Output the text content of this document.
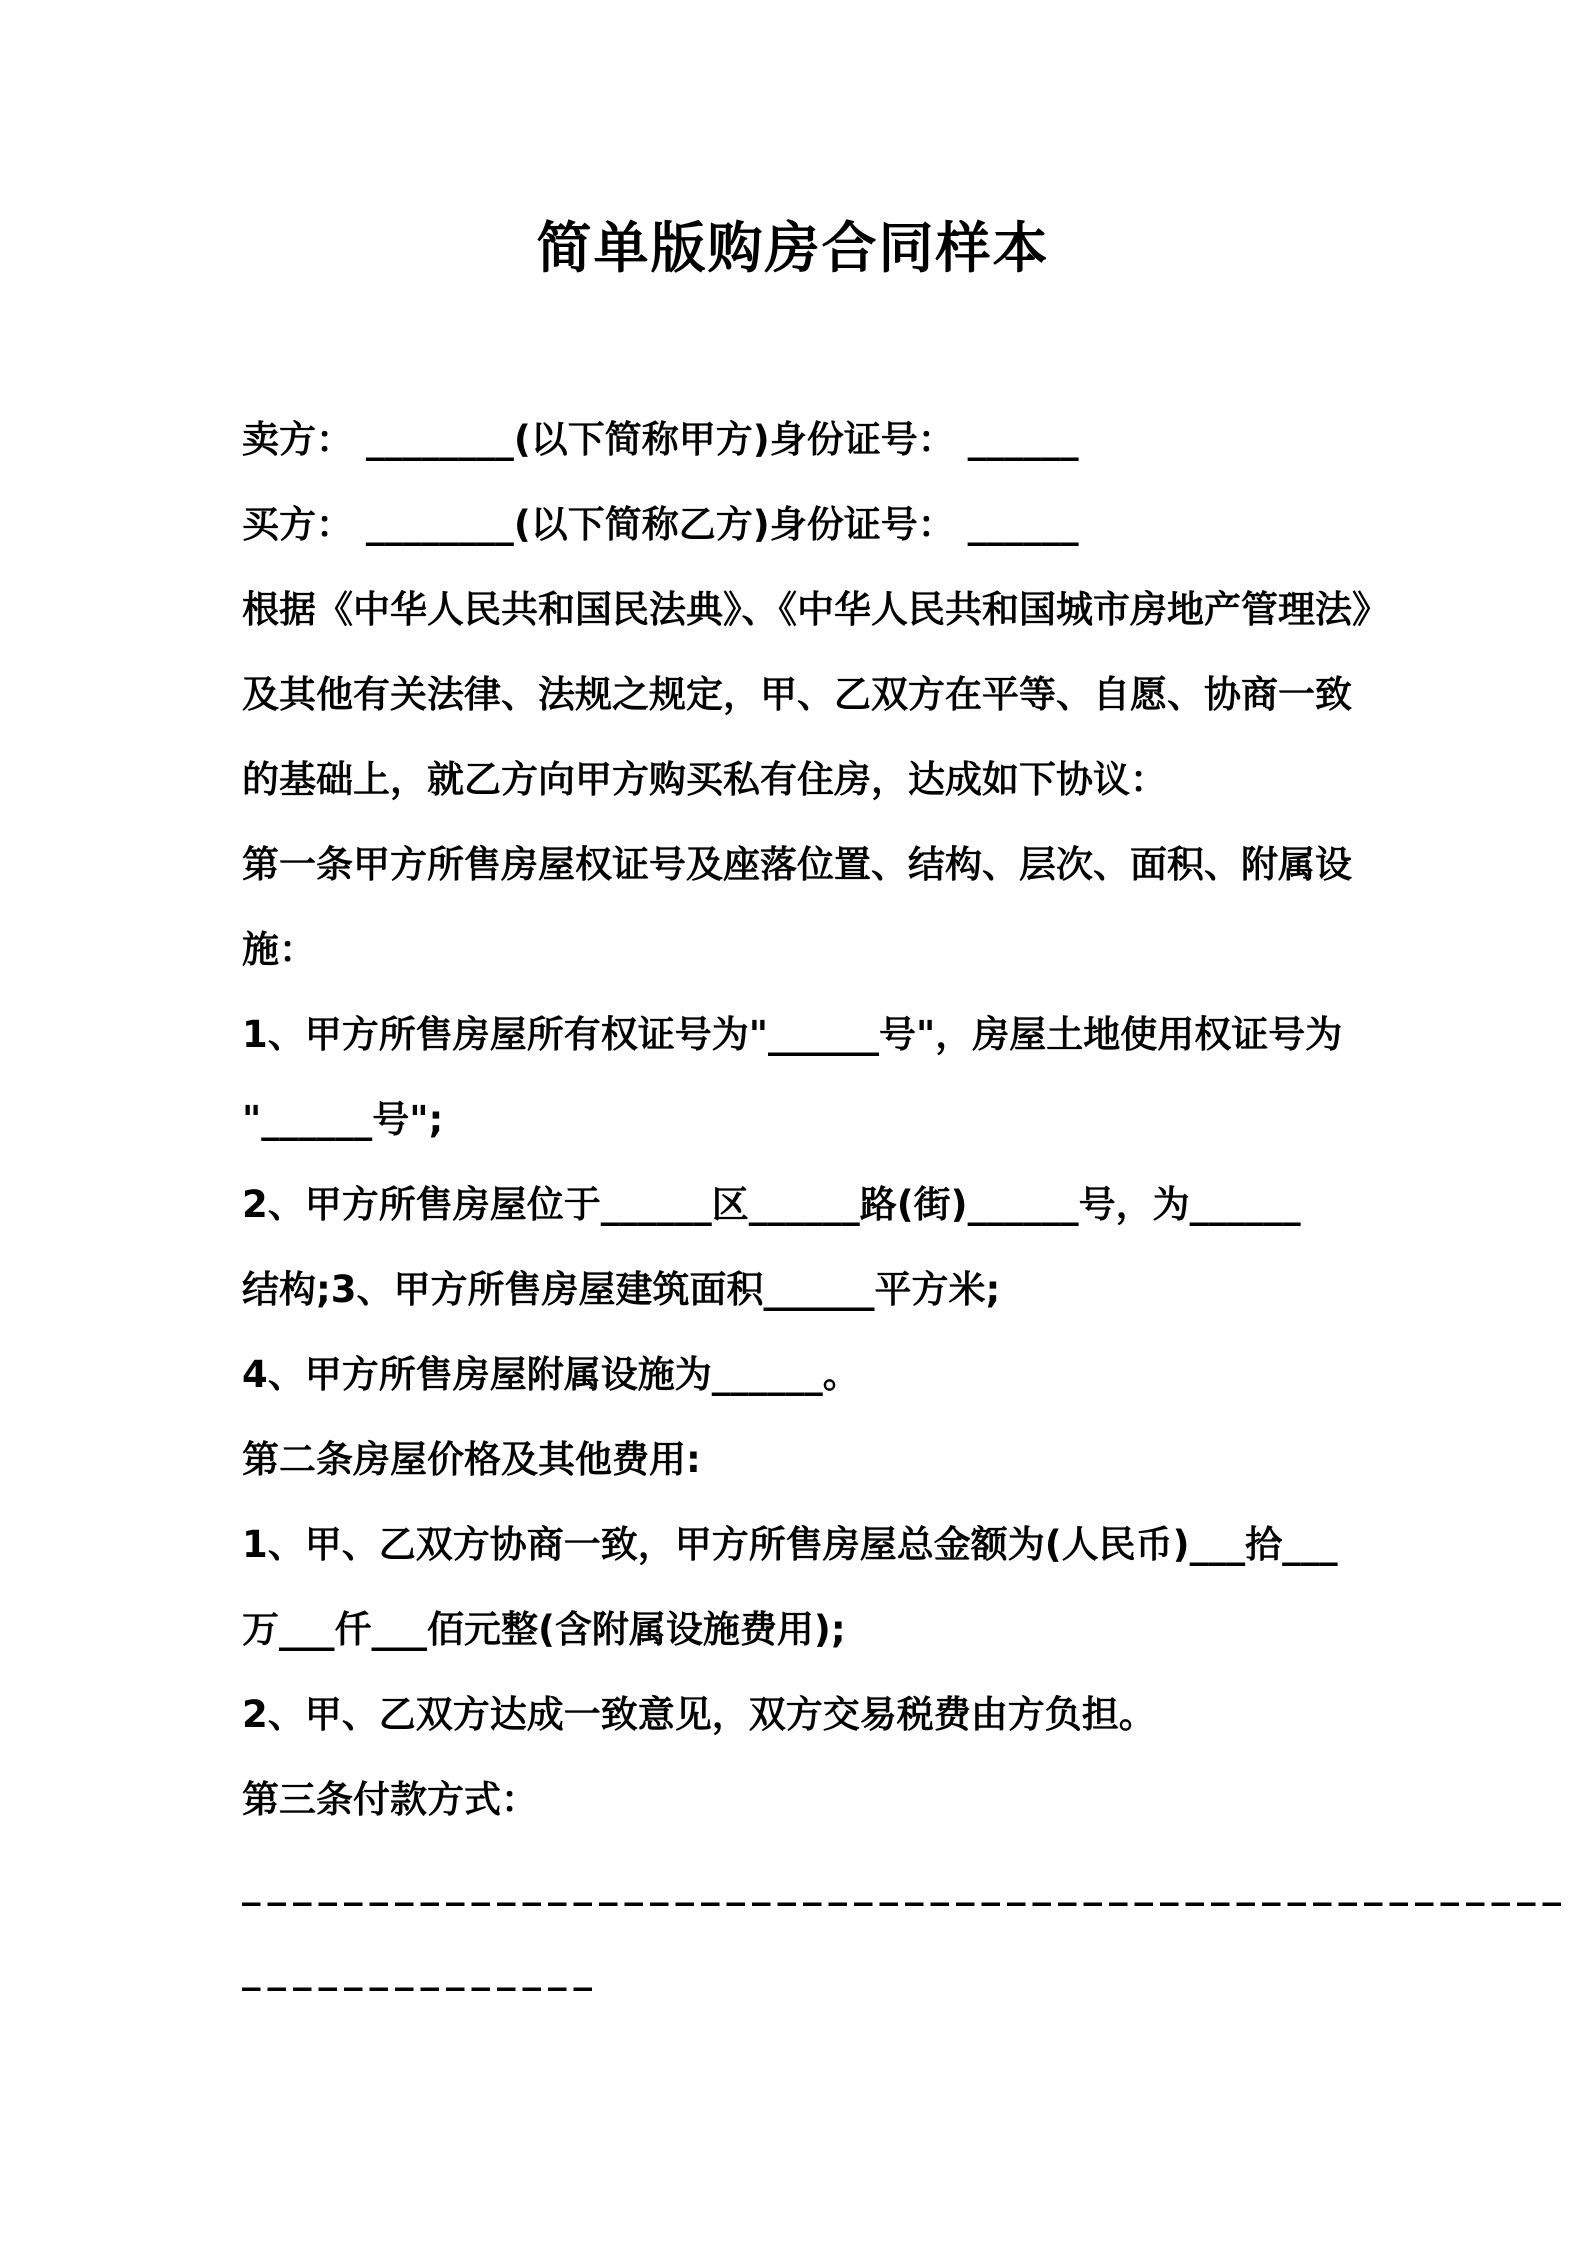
简单版购房合同样本
卖方： ________(以下简称甲方)身份证号： ______
买方： ________(以下简称乙方)身份证号： ______
根据《中华人民共和国民法典》、《中华人民共和国城市房地产管理法》
及其他有关法律、法规之规定，甲、乙双方在平等、自愿、协商一致
的基础上，就乙方向甲方购买私有住房，达成如下协议：
第一条甲方所售房屋权证号及座落位置、结构、层次、面积、附属设
施：
1、甲方所售房屋所有权证号为"______号"，房屋土地使用权证号为
"______号";
2、甲方所售房屋位于______区______路(街)______号，为______
结构;3、甲方所售房屋建筑面积______平方米;
4、甲方所售房屋附属设施为______。
第二条房屋价格及其他费用:
1、甲、乙双方协商一致，甲方所售房屋总金额为(人民币)___拾___
万___仟___佰元整(含附属设施费用);
2、甲、乙双方达成一致意见，双方交易税费由方负担。
第三条付款方式：
____________________________________________________
______________
